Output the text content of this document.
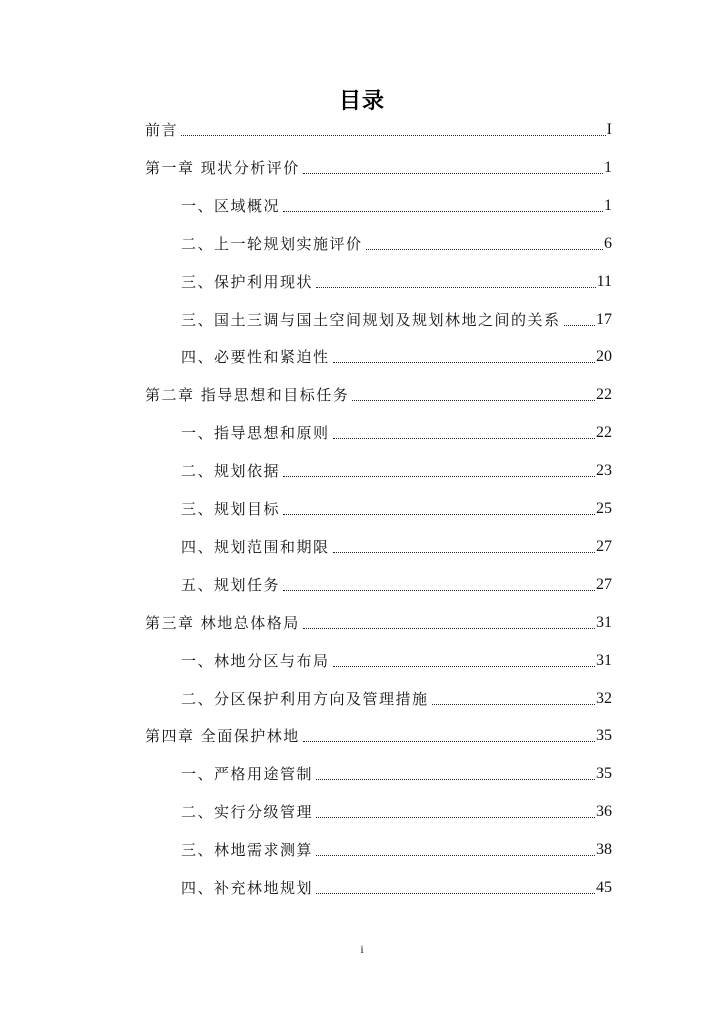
目录
前言	I
第一章 现状分析评价	1
一、区域概况	1
二、上一轮规划实施评价	6
三、保护利用现状	11
三、国土三调与国土空间规划及规划林地之间的关系 17
四、必要性和紧迫性	20
第二章 指导思想和目标任务	22
一、指导思想和原则	22
二、规划依据	23
三、规划目标	25
四、规划范围和期限	27
五、规划任务	27
第三章 林地总体格局	31
一、林地分区与布局	31
二、分区保护利用方向及管理措施	32
第四章 全面保护林地	35
一、严格用途管制	35
二、实行分级管理	36
三、林地需求测算	38
四、补充林地规划	45
i
